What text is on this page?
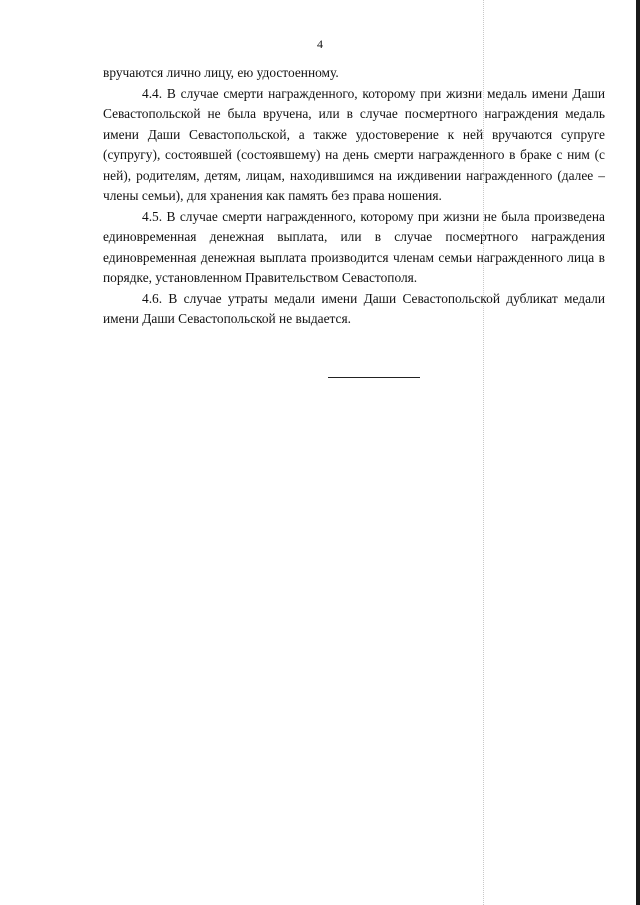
4

вручаются лично лицу, ею удостоенному.

4.4. В случае смерти награжденного, которому при жизни медаль имени Даши Севастопольской не была вручена, или в случае посмертного награждения медаль имени Даши Севастопольской, а также удостоверение к ней вручаются супруге (супругу), состоявшей (состоявшему) на день смерти награжденного в браке с ним (с ней), родителям, детям, лицам, находившимся на иждивении награжденного (далее – члены семьи), для хранения как память без права ношения.

4.5. В случае смерти награжденного, которому при жизни не была произведена единовременная денежная выплата, или в случае посмертного награждения единовременная денежная выплата производится членам семьи награжденного лица в порядке, установленном Правительством Севастополя.

4.6. В случае утраты медали имени Даши Севастопольской дубликат медали имени Даши Севастопольской не выдается.
